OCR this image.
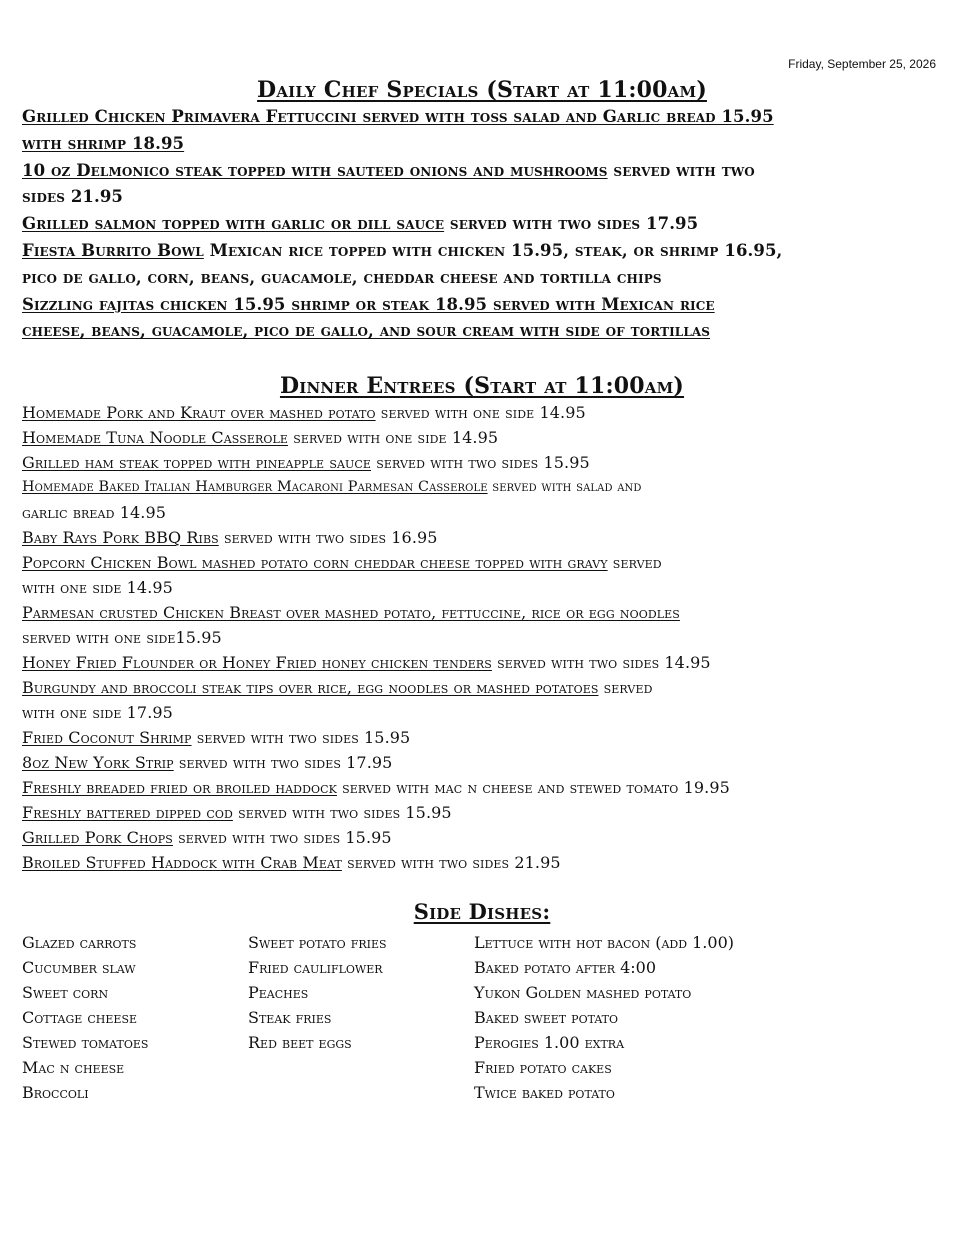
Friday, September 25, 2026
Daily Chef Specials (Start at 11:00am)
Grilled Chicken Primavera Fettuccini served with toss salad and Garlic bread 15.95
with shrimp 18.95
10 oz Delmonico steak topped with sauteed onions and mushrooms served with two
sides 21.95
Grilled salmon topped with garlic or dill sauce served with two sides 17.95
Fiesta Burrito Bowl Mexican rice topped with chicken 15.95, steak, or shrimp 16.95,
pico de gallo, corn, beans, guacamole, cheddar cheese and tortilla chips
Sizzling fajitas chicken 15.95 shrimp or steak 18.95 served with Mexican rice
cheese, beans, guacamole, pico de gallo, and sour cream with side of tortillas
Dinner Entrees (Start at 11:00am)
Homemade Pork and Kraut over mashed potato served with one side 14.95
Homemade Tuna Noodle Casserole served with one side 14.95
Grilled ham steak topped with pineapple sauce served with two sides 15.95
Homemade Baked Italian Hamburger Macaroni Parmesan Casserole served with salad and
garlic bread 14.95
Baby Rays Pork BBQ Ribs served with two sides 16.95
Popcorn Chicken Bowl mashed potato corn cheddar cheese topped with gravy served
with one side 14.95
Parmesan crusted Chicken Breast over mashed potato, fettuccine, rice or egg noodles
served with one side15.95
Honey Fried Flounder or Honey Fried honey chicken tenders served with two sides 14.95
Burgundy and broccoli steak tips over rice, egg noodles or mashed potatoes served
with one side 17.95
Fried Coconut Shrimp served with two sides 15.95
8oz New York Strip served with two sides 17.95
Freshly breaded fried or broiled haddock served with mac n cheese and stewed tomato 19.95
Freshly battered dipped cod served with two sides 15.95
Grilled Pork Chops served with two sides 15.95
Broiled Stuffed Haddock with Crab Meat served with two sides 21.95
Side Dishes:
Glazed carrots
Cucumber slaw
Sweet corn
Cottage cheese
Stewed tomatoes
Mac n cheese
Broccoli
Sweet potato fries
Fried cauliflower
Peaches
Steak fries
Red beet eggs
Lettuce with hot bacon (add 1.00)
Baked potato after 4:00
Yukon Golden mashed potato
Baked sweet potato
Perogies 1.00 extra
Fried potato cakes
Twice baked potato
